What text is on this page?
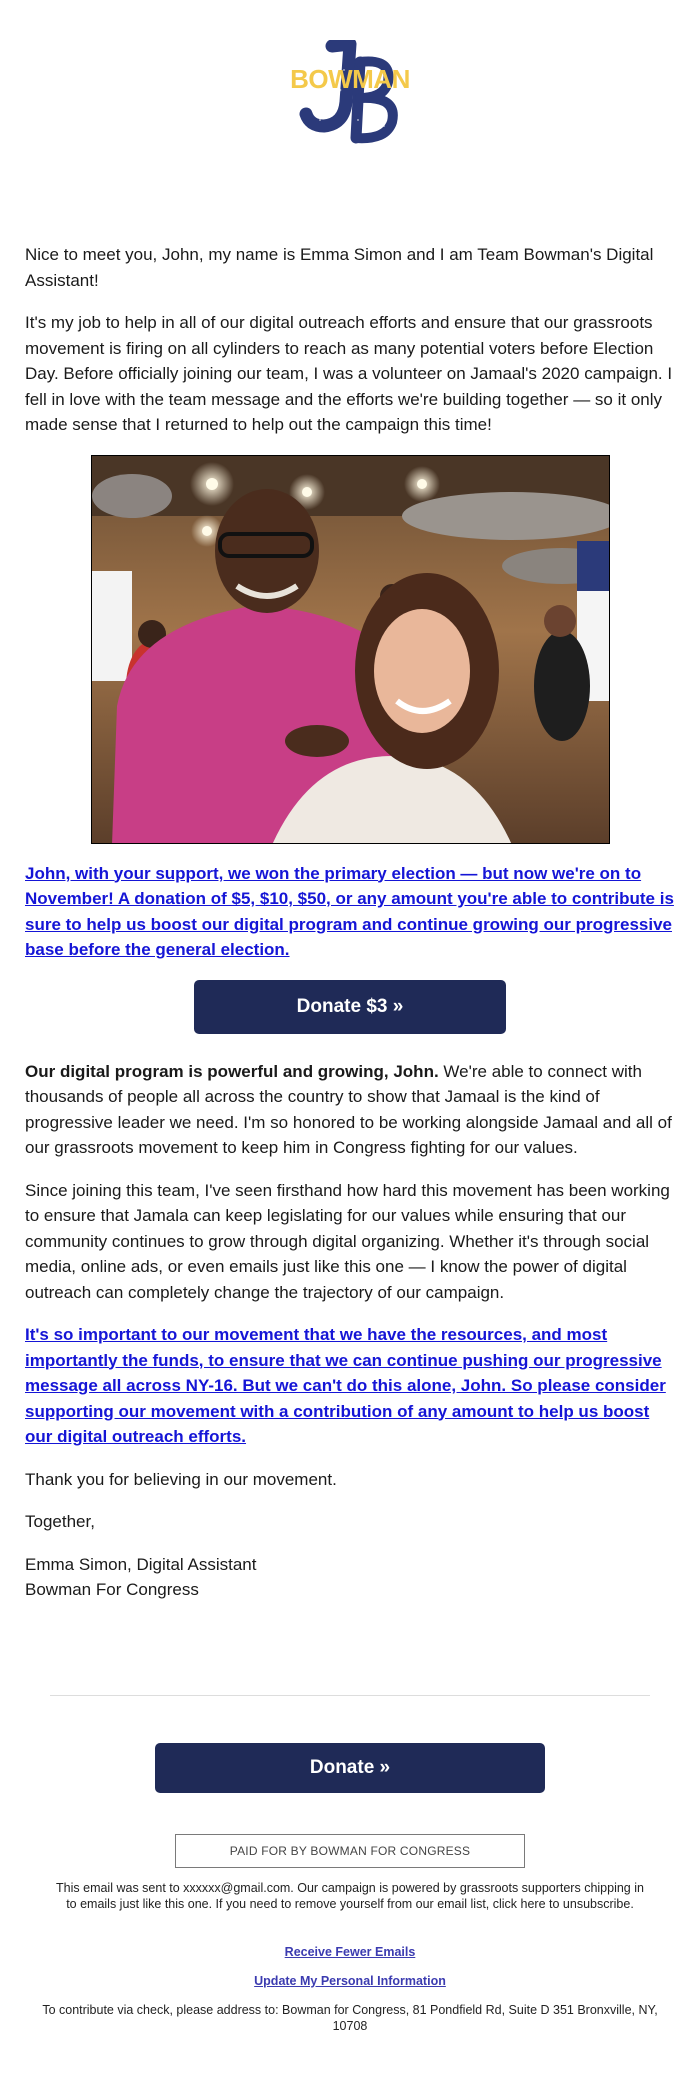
BOWMAN

Nice to meet you, John, my name is Emma Simon and I am Team Bowman's Digital Assistant!

It's my job to help in all of our digital outreach efforts and ensure that our grassroots movement is firing on all cylinders to reach as many potential voters before Election Day. Before officially joining our team, I was a volunteer on Jamaal's 2020 campaign. I fell in love with the team message and the efforts we're building together — so it only made sense that I returned to help out the campaign this time!

John, with your support, we won the primary election — but now we're on to November! A donation of $5, $10, $50, or any amount you're able to contribute is sure to help us boost our digital program and continue growing our progressive base before the general election.

Donate $3 »

Our digital program is powerful and growing, John. We're able to connect with thousands of people all across the country to show that Jamaal is the kind of progressive leader we need. I'm so honored to be working alongside Jamaal and all of our grassroots movement to keep him in Congress fighting for our values.

Since joining this team, I've seen firsthand how hard this movement has been working to ensure that Jamala can keep legislating for our values while ensuring that our community continues to grow through digital organizing. Whether it's through social media, online ads, or even emails just like this one — I know the power of digital outreach can completely change the trajectory of our campaign.

It's so important to our movement that we have the resources, and most importantly the funds, to ensure that we can continue pushing our progressive message all across NY-16. But we can't do this alone, John. So please consider supporting our movement with a contribution of any amount to help us boost our digital outreach efforts.

Thank you for believing in our movement.

Together,

Emma Simon, Digital Assistant
Bowman For Congress

Donate »
PAID FOR BY BOWMAN FOR CONGRESS
This email was sent to xxxxxx@gmail.com. Our campaign is powered by grassroots supporters chipping in to emails just like this one. If you need to remove yourself from our email list, click here to unsubscribe.
Receive Fewer Emails
Update My Personal Information
To contribute via check, please address to: Bowman for Congress, 81 Pondfield Rd, Suite D 351 Bronxville, NY, 10708
